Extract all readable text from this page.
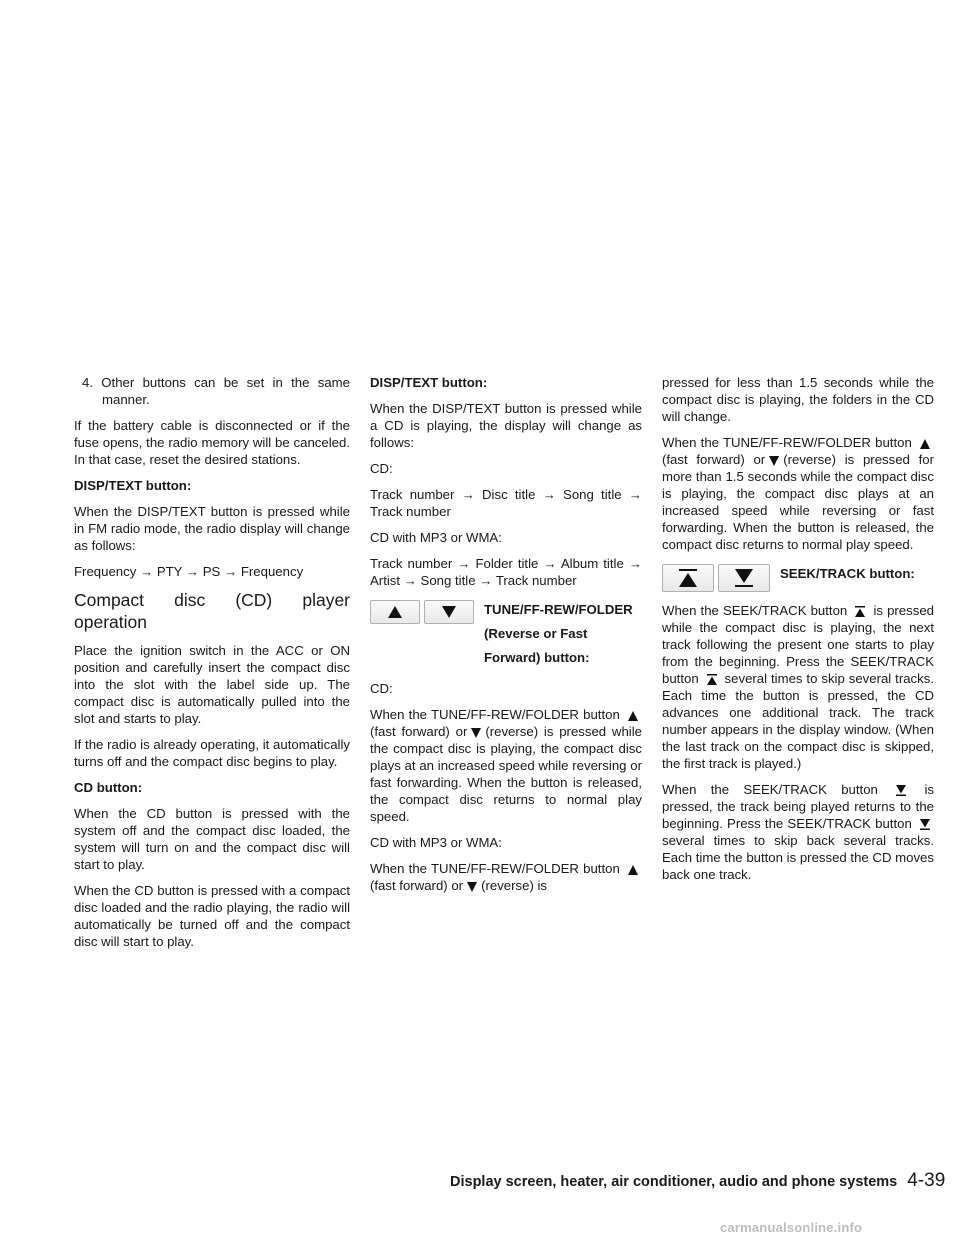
4. Other buttons can be set in the same manner.

If the battery cable is disconnected or if the fuse opens, the radio memory will be canceled. In that case, reset the desired stations.

DISP/TEXT button:

When the DISP/TEXT button is pressed while in FM radio mode, the radio display will change as follows:

Frequency → PTY → PS → Frequency

Compact disc (CD) player operation

Place the ignition switch in the ACC or ON position and carefully insert the compact disc into the slot with the label side up. The compact disc is automatically pulled into the slot and starts to play.

If the radio is already operating, it automatically turns off and the compact disc begins to play.

CD button:

When the CD button is pressed with the system off and the compact disc loaded, the system will turn on and the compact disc will start to play.

When the CD button is pressed with a compact disc loaded and the radio playing, the radio will automatically be turned off and the compact disc will start to play.

DISP/TEXT button:

When the DISP/TEXT button is pressed while a CD is playing, the display will change as follows:

CD:

Track number → Disc title → Song title → Track number

CD with MP3 or WMA:

Track number → Folder title → Album title → Artist → Song title → Track number

TUNE/FF-REW/FOLDER (Reverse or Fast Forward) button:

CD:

When the TUNE/FF-REW/FOLDER button (fast forward) or (reverse) is pressed while the compact disc is playing, the compact disc plays at an increased speed while reversing or fast forwarding. When the button is released, the compact disc returns to normal play speed.

CD with MP3 or WMA:

When the TUNE/FF-REW/FOLDER button (fast forward) or (reverse) is

pressed for less than 1.5 seconds while the compact disc is playing, the folders in the CD will change.

When the TUNE/FF-REW/FOLDER button (fast forward) or (reverse) is pressed for more than 1.5 seconds while the compact disc is playing, the compact disc plays at an increased speed while reversing or fast forwarding. When the button is released, the compact disc returns to normal play speed.

SEEK/TRACK button:

When the SEEK/TRACK button is pressed while the compact disc is playing, the next track following the present one starts to play from the beginning. Press the SEEK/TRACK button several times to skip several tracks. Each time the button is pressed, the CD advances one additional track. The track number appears in the display window. (When the last track on the compact disc is skipped, the first track is played.)

When the SEEK/TRACK button	is pressed, the track being played returns to the beginning. Press the SEEK/TRACK button  several times to skip back several tracks. Each time the button is pressed the CD moves back one track.

Display screen, heater, air conditioner, audio and phone systems 4-39
carmanualsonline.info
